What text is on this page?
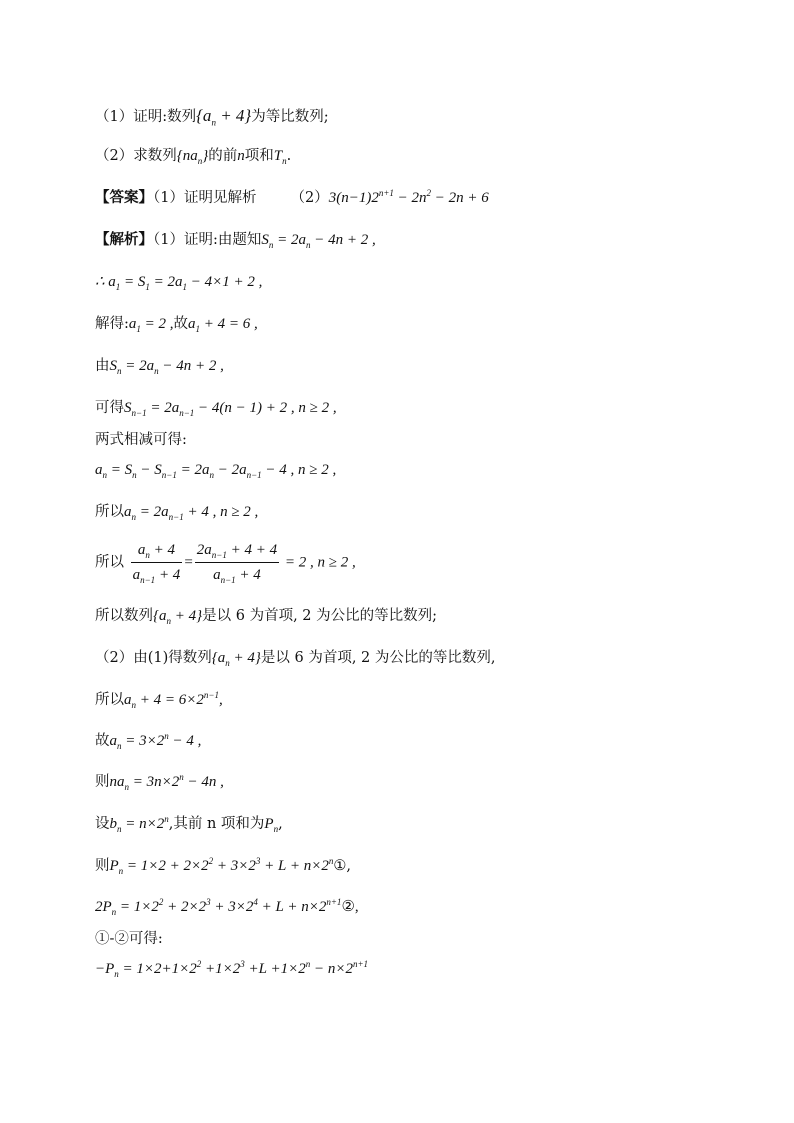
（1）证明:数列$\{a_n + 4\}$为等比数列;
（2）求数列$\{na_n\}$的前n项和$T_n$.
【答案】（1）证明见解析 $(2)3(n-1)2^{n+1} - 2n^2 - 2n + 6$
【解析】（1）证明:由题知$S_n = 2a_n - 4n + 2$ ,
∴ $a_1 = S_1 = 2a_1 - 4\times 1 + 2$ ,
解得$:a_1 = 2$ ,故$a_1 + 4 = 6$ ,
由$S_n = 2a_n - 4n + 2$ ,
可得$S_{n-1} = 2a_{n-1} - 4(n - 1) + 2$ , n ≥ 2 ,
两式相减可得:
$a_n = S_n - S_{n-1} = 2a_n - 2a_{n-1} - 4$ , n ≥ 2 ,
所以$a_n = 2a_{n-1} + 4$ , n ≥ 2 ,
所以 $\frac{a_n + 4}{a_{n-1} + 4} = \frac{2a_{n-1} + 4 + 4}{a_{n-1} + 4} = 2$ , n ≥ 2 ,
所以数列$\{a_n + 4\}$是以 6 为首项, 2 为公比的等比数列;
（2）由(1)得数列$\{a_n + 4\}$是以 6 为首项, 2 为公比的等比数列,
所以$a_n + 4 = 6\times 2^{n-1}$,
故$a_n = 3\times 2^n - 4$ ,
则$na_n = 3n\times 2^n - 4n$ ,
设$b_n = n\times 2^n$,其前 n 项和为$P_n$,
则$P_n = 1\times 2 + 2\times 2^2 + 3\times 2^3 + L$ + $n\times 2^n①$,
$2P_n = 1\times 2^2 + 2\times 2^3 + 3\times 2^4 + L$ + $n\times 2^{n+1}②$,
①-②可得:
$-P_n = 1\times 2+1\times 2^2 +1\times 2^3 +L +1\times 2^n - n\times 2^{n+1}$
